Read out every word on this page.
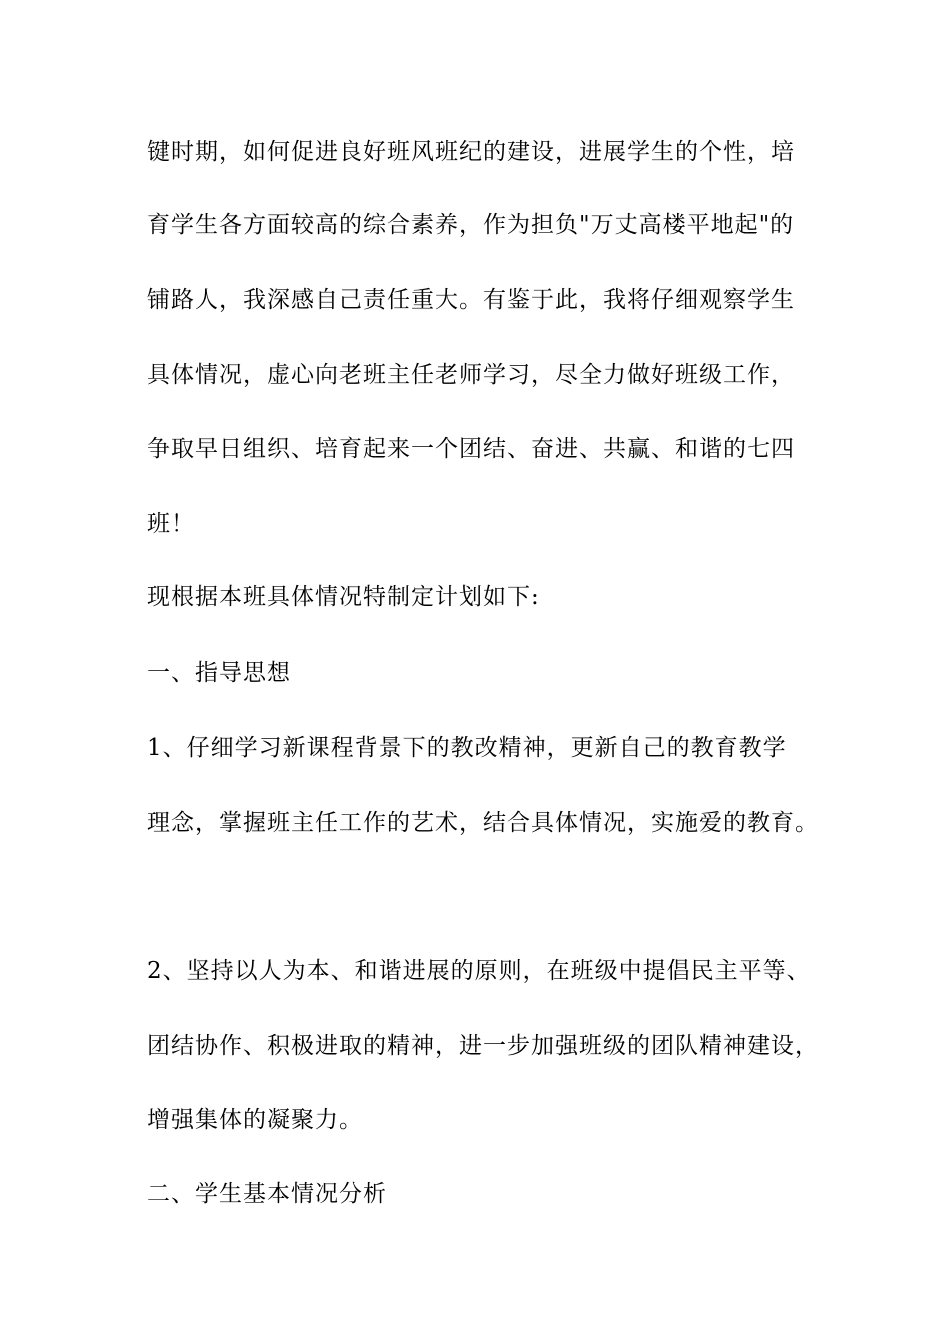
键时期，如何促进良好班风班纪的建设，进展学生的个性，培
育学生各方面较高的综合素养，作为担负"万丈高楼平地起"的
铺路人，我深感自己责任重大。有鉴于此，我将仔细观察学生
具体情况，虚心向老班主任老师学习，尽全力做好班级工作，
争取早日组织、培育起来一个团结、奋进、共赢、和谐的七四
班！
现根据本班具体情况特制定计划如下:
一、指导思想
1、仔细学习新课程背景下的教改精神，更新自己的教育教学
理念，掌握班主任工作的艺术，结合具体情况，实施爱的教育。
2、坚持以人为本、和谐进展的原则，在班级中提倡民主平等、
团结协作、积极进取的精神，进一步加强班级的团队精神建设，
增强集体的凝聚力。
二、学生基本情况分析
